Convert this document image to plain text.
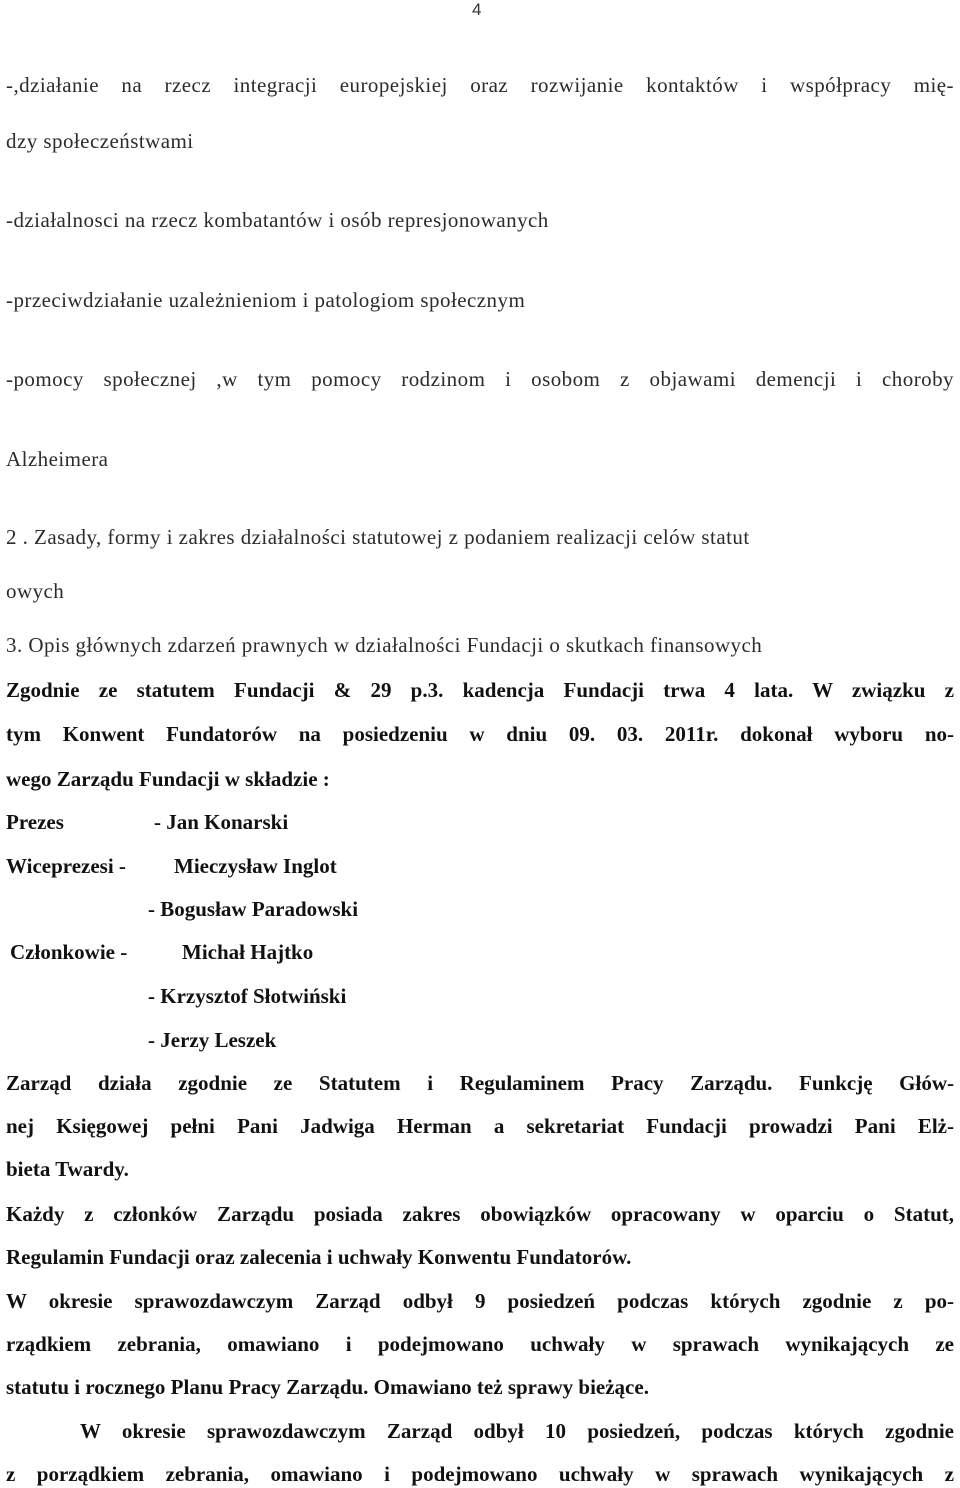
4
-,działanie na rzecz integracji europejskiej oraz rozwijanie kontaktów i współpracy mię-
dzy społeczeństwami
-działalnosci na rzecz kombatantów i osób represjonowanych
-przeciwdziałanie uzależnieniom i patologiom społecznym
-pomocy społecznej ,w tym pomocy rodzinom i osobom z objawami demencji i choroby
Alzheimera
2 . Zasady, formy i zakres działalności statutowej z podaniem realizacji celów statut
owych
3. Opis głównych zdarzeń prawnych w działalności Fundacji o skutkach finansowych
Zgodnie ze statutem Fundacji & 29 p.3. kadencja Fundacji trwa 4 lata. W związku z
tym Konwent Fundatorów na posiedzeniu w dniu 09. 03. 2011r. dokonał wyboru no-
wego Zarządu Fundacji w składzie :
Prezes	- Jan Konarski
Wiceprezesi - Mieczysław Inglot
- Bogusław Paradowski
Członkowie -	Michał Hajtko
- Krzysztof Słotwiński
- Jerzy Leszek
Zarząd działa zgodnie ze Statutem i Regulaminem Pracy Zarządu. Funkcję Głów-
nej Księgowej pełni Pani Jadwiga Herman a sekretariat Fundacji prowadzi Pani Elż-
bieta Twardy.
Każdy z członków Zarządu posiada zakres obowiązków opracowany w oparciu o Statut,
Regulamin Fundacji oraz zalecenia i uchwały Konwentu Fundatorów.
W okresie sprawozdawczym Zarząd odbył 9 posiedzeń podczas których zgodnie z po-
rządkiem zebrania, omawiano i podejmowano uchwały w sprawach wynikających ze
statutu i rocznego Planu Pracy Zarządu. Omawiano też sprawy bieżące.
W okresie sprawozdawczym Zarząd odbył 10 posiedzeń, podczas których zgodnie
z porządkiem zebrania, omawiano i podejmowano uchwały w sprawach wynikających z
